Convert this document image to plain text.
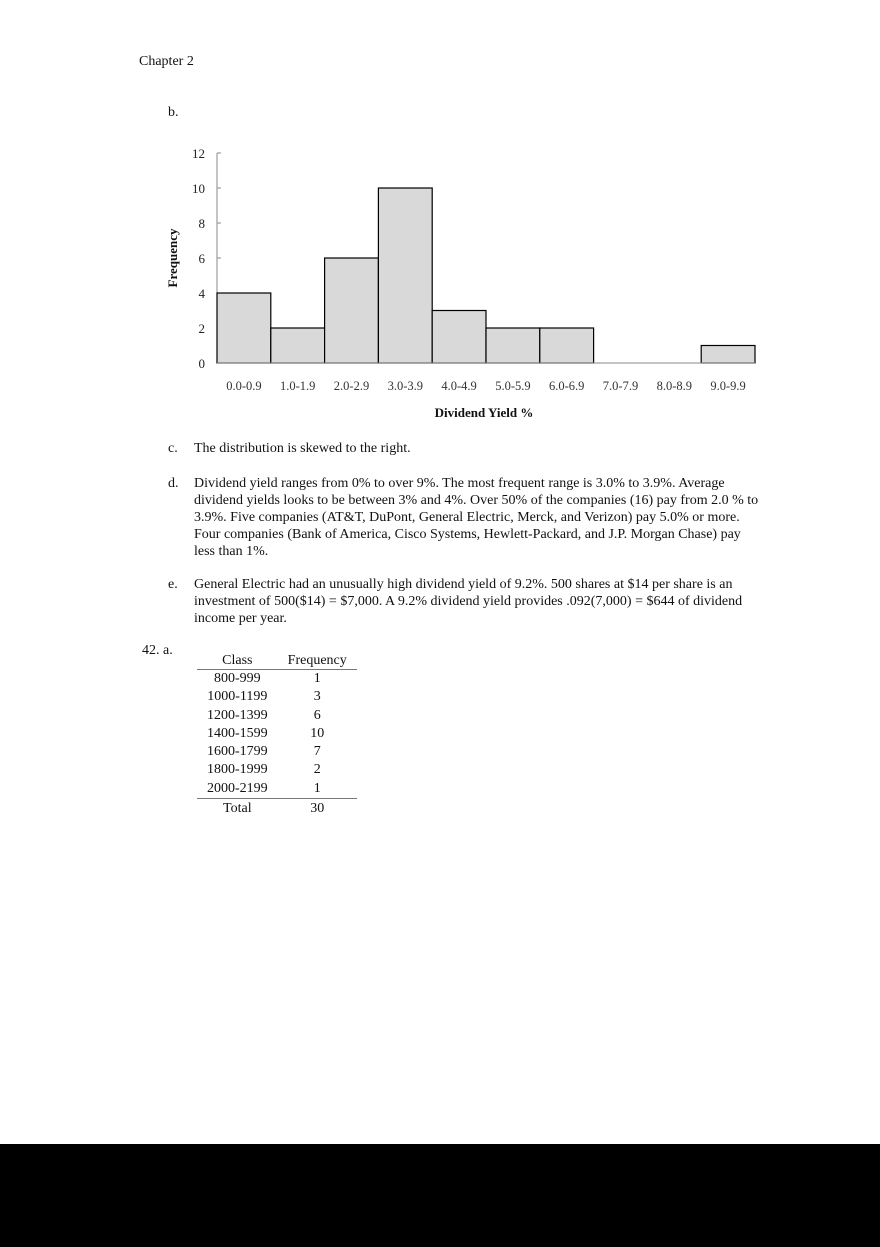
Chapter 2
b.
0
2
4
6
8
10
12
0.0-0.9 1.0-1.9 2.0-2.9 3.0-3.9 4.0-4.9 5.0-5.9 6.0-6.9 7.0-7.9 8.0-8.9 9.0-9.9
Dividend Yield %
Frequency
c. The distribution is skewed to the right.
d. Dividend yield ranges from 0% to over 9%. The most frequent range is 3.0% to 3.9%. Average
dividend yields looks to be between 3% and 4%. Over 50% of the companies (16) pay from 2.0 % to
3.9%. Five companies (AT&T, DuPont, General Electric, Merck, and Verizon) pay 5.0% or more.
Four companies (Bank of America, Cisco Systems, Hewlett-Packard, and J.P. Morgan Chase) pay
less than 1%.
e. General Electric had an unusually high dividend yield of 9.2%. 500 shares at $14 per share is an
investment of 500($14) = $7,000. A 9.2% dividend yield provides .092(7,000) = $644 of dividend
income per year.
42. a.
Class	Frequency
800-999	1
1000-1199	3
1200-1399	6
1400-1599	10
1600-1799	7
1800-1999	2
2000-2199	1
Total	30
